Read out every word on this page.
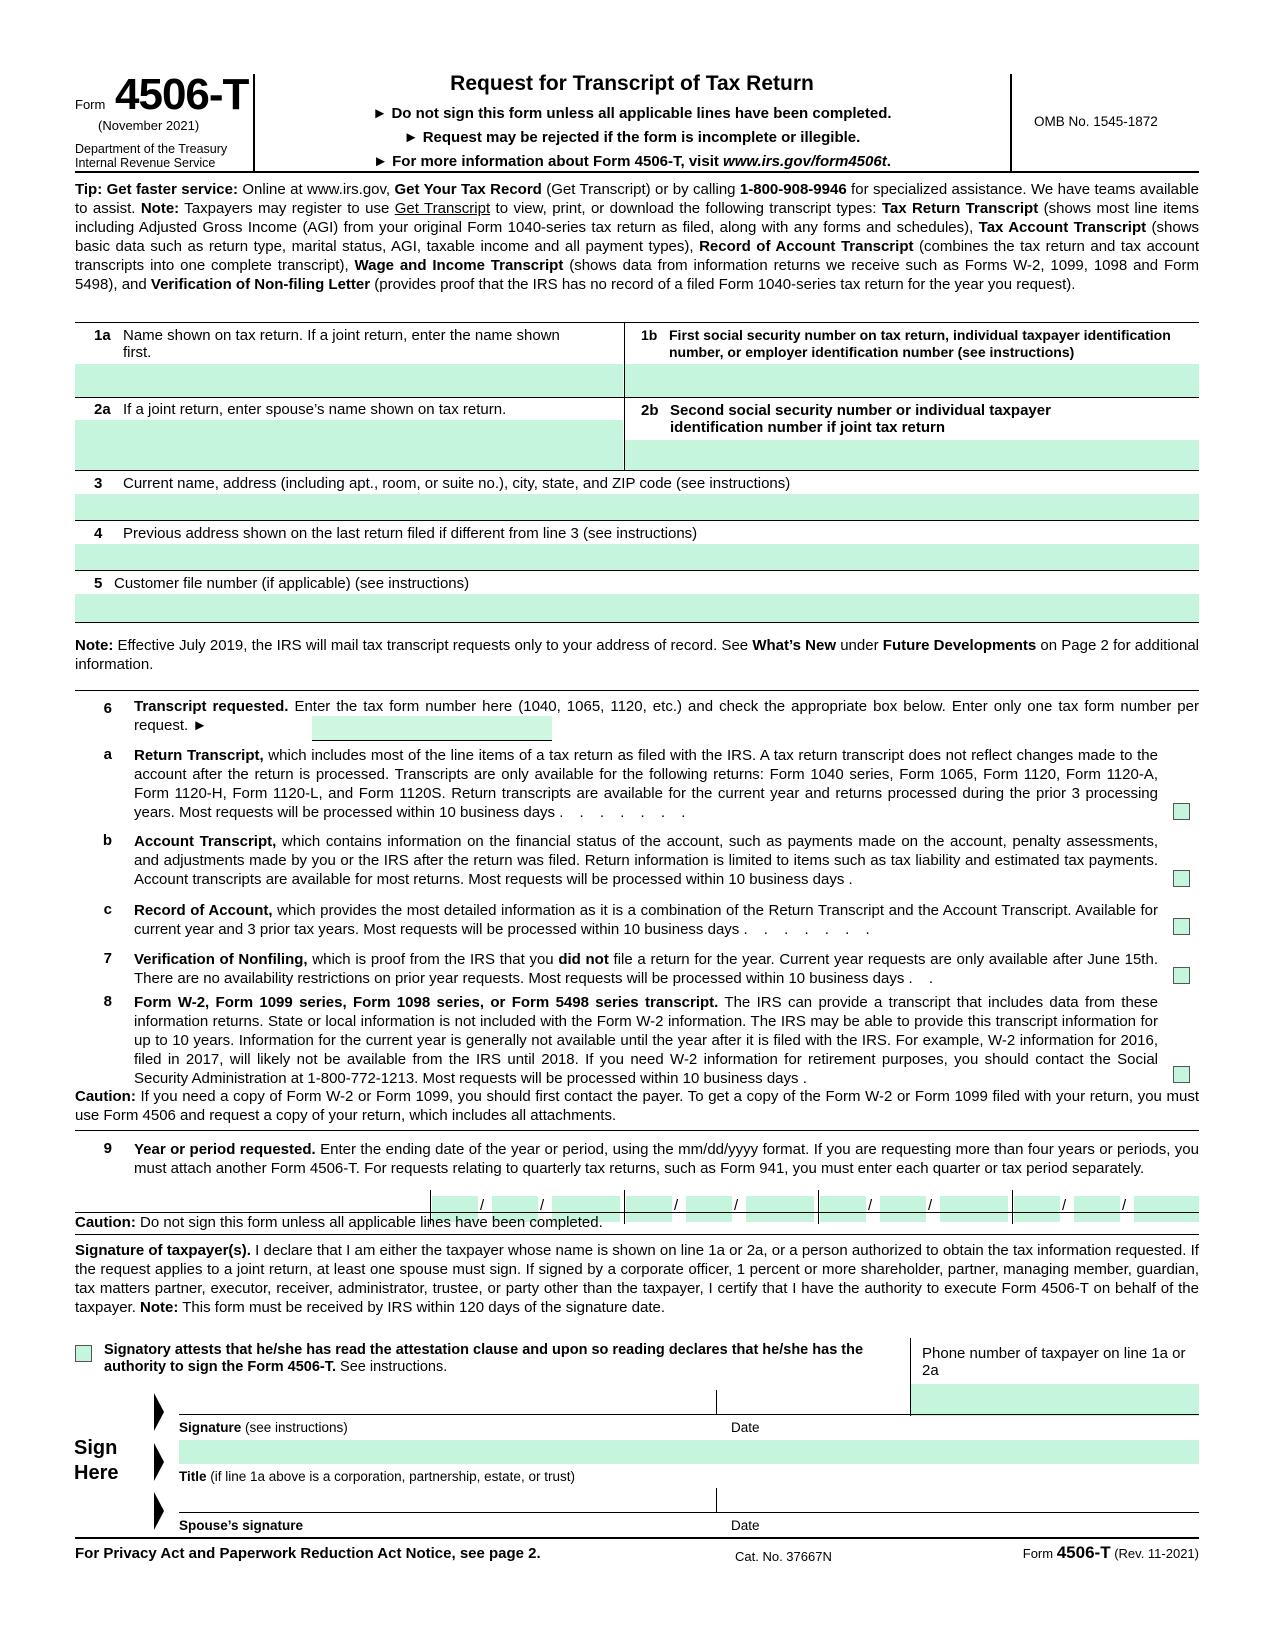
Form 4506-T
(November 2021)
Department of the Treasury
Internal Revenue Service
Request for Transcript of Tax Return
► Do not sign this form unless all applicable lines have been completed.
► Request may be rejected if the form is incomplete or illegible.
► For more information about Form 4506-T, visit www.irs.gov/form4506t.
OMB No. 1545-1872
Tip: Get faster service: Online at www.irs.gov, Get Your Tax Record (Get Transcript) or by calling 1-800-908-9946 for specialized assistance. We have teams available to assist. Note: Taxpayers may register to use Get Transcript to view, print, or download the following transcript types: Tax Return Transcript (shows most line items including Adjusted Gross Income (AGI) from your original Form 1040-series tax return as filed, along with any forms and schedules), Tax Account Transcript (shows basic data such as return type, marital status, AGI, taxable income and all payment types), Record of Account Transcript (combines the tax return and tax account transcripts into one complete transcript), Wage and Income Transcript (shows data from information returns we receive such as Forms W-2, 1099, 1098 and Form 5498), and Verification of Non-filing Letter (provides proof that the IRS has no record of a filed Form 1040-series tax return for the year you request).
1a Name shown on tax return. If a joint return, enter the name shown first.
1b First social security number on tax return, individual taxpayer identification number, or employer identification number (see instructions)
2a If a joint return, enter spouse’s name shown on tax return.	2b Second social security number or individual taxpayer identification number if joint tax return
3 Current name, address (including apt., room, or suite no.), city, state, and ZIP code (see instructions)
4 Previous address shown on the last return filed if different from line 3 (see instructions)
5 Customer file number (if applicable) (see instructions)
Note: Effective July 2019, the IRS will mail tax transcript requests only to your address of record. See What’s New under Future Developments on Page 2 for additional information.
6 Transcript requested. Enter the tax form number here (1040, 1065, 1120, etc.) and check the appropriate box below. Enter only one tax form number per request. ►
a Return Transcript, which includes most of the line items of a tax return as filed with the IRS. A tax return transcript does not reflect changes made to the account after the return is processed. Transcripts are only available for the following returns: Form 1040 series, Form 1065, Form 1120, Form 1120-A, Form 1120-H, Form 1120-L, and Form 1120S. Return transcripts are available for the current year and returns processed during the prior 3 processing years. Most requests will be processed within 10 business days . . . . . . .
b Account Transcript, which contains information on the financial status of the account, such as payments made on the account, penalty assessments, and adjustments made by you or the IRS after the return was filed. Return information is limited to items such as tax liability and estimated tax payments. Account transcripts are available for most returns. Most requests will be processed within 10 business days .
c Record of Account, which provides the most detailed information as it is a combination of the Return Transcript and the Account Transcript. Available for current year and 3 prior tax years. Most requests will be processed within 10 business days . . . . . . .
7 Verification of Nonfiling, which is proof from the IRS that you did not file a return for the year. Current year requests are only available after June 15th. There are no availability restrictions on prior year requests. Most requests will be processed within 10 business days . .
8 Form W-2, Form 1099 series, Form 1098 series, or Form 5498 series transcript. The IRS can provide a transcript that includes data from these information returns. State or local information is not included with the Form W-2 information. The IRS may be able to provide this transcript information for up to 10 years. Information for the current year is generally not available until the year after it is filed with the IRS. For example, W-2 information for 2016, filed in 2017, will likely not be available from the IRS until 2018. If you need W-2 information for retirement purposes, you should contact the Social Security Administration at 1-800-772-1213. Most requests will be processed within 10 business days .
Caution: If you need a copy of Form W-2 or Form 1099, you should first contact the payer. To get a copy of the Form W-2 or Form 1099 filed with your return, you must use Form 4506 and request a copy of your return, which includes all attachments.
9 Year or period requested. Enter the ending date of the year or period, using the mm/dd/yyyy format. If you are requesting more than four years or periods, you must attach another Form 4506-T. For requests relating to quarterly tax returns, such as Form 941, you must enter each quarter or tax period separately.
/	/	/	/	/	/	/	/
Caution: Do not sign this form unless all applicable lines have been completed.
Signature of taxpayer(s). I declare that I am either the taxpayer whose name is shown on line 1a or 2a, or a person authorized to obtain the tax information requested. If the request applies to a joint return, at least one spouse must sign. If signed by a corporate officer, 1 percent or more shareholder, partner, managing member, guardian, tax matters partner, executor, receiver, administrator, trustee, or party other than the taxpayer, I certify that I have the authority to execute Form 4506-T on behalf of the taxpayer. Note: This form must be received by IRS within 120 days of the signature date.
Signatory attests that he/she has read the attestation clause and upon so reading declares that he/she has the authority to sign the Form 4506-T. See instructions.
Phone number of taxpayer on line 1a or 2a
Sign
Here
Signature (see instructions)	Date
Title (if line 1a above is a corporation, partnership, estate, or trust)
Spouse’s signature	Date
For Privacy Act and Paperwork Reduction Act Notice, see page 2.	Cat. No. 37667N	Form 4506-T (Rev. 11-2021)
